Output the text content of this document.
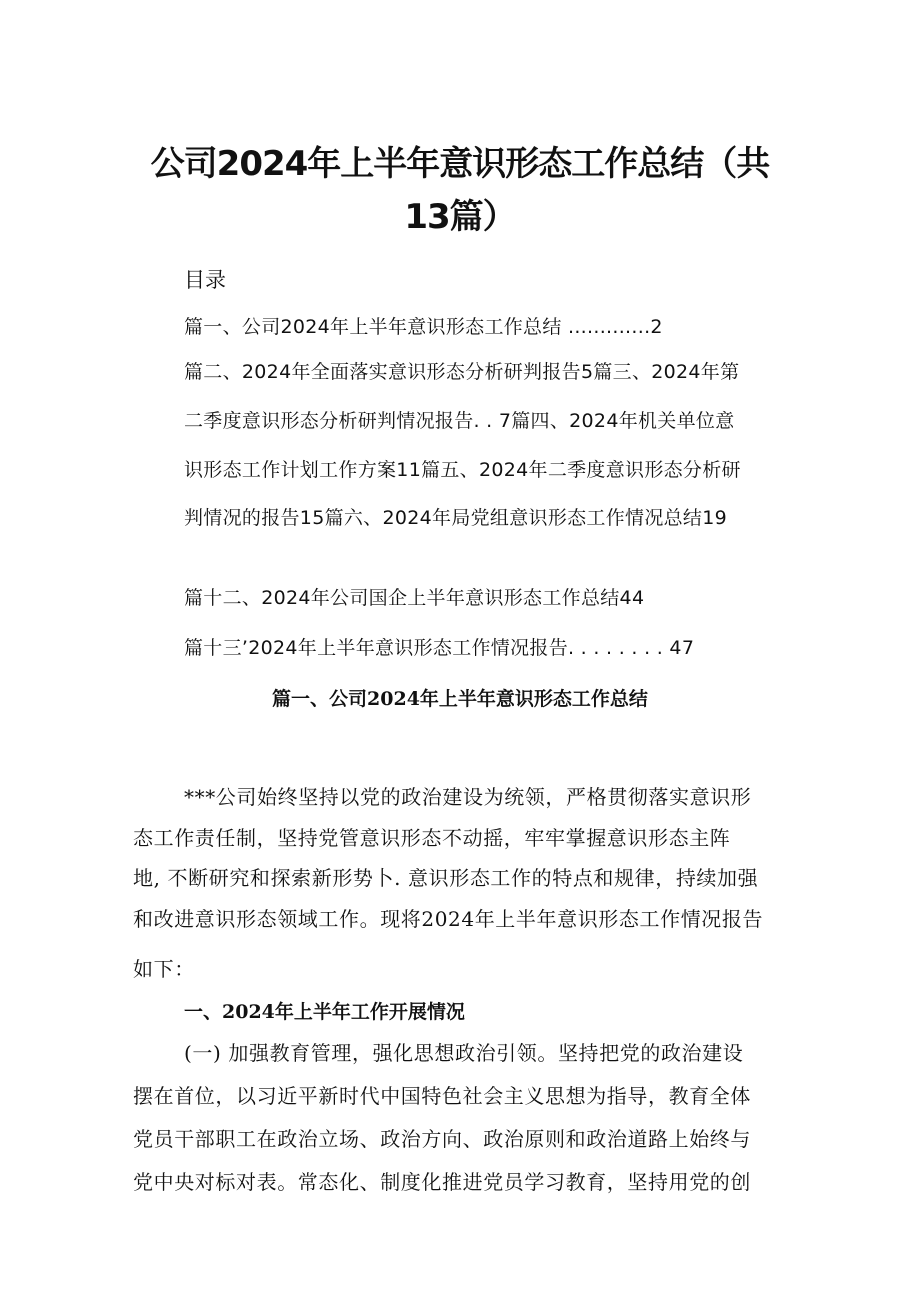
公司2024年上半年意识形态工作总结（共
13篇）
目录
篇一、公司2024年上半年意识形态工作总结 .............2
篇二、2024年全面落实意识形态分析研判报告5篇三、2024年第
二季度意识形态分析研判情况报告. . 7篇四、2024年机关单位意
识形态工作计划工作方案11篇五、2024年二季度意识形态分析研
判情况的报告15篇六、2024年局党组意识形态工作情况总结19
篇十二、2024年公司国企上半年意识形态工作总结44
篇十三’2024年上半年意识形态工作情况报告. . . . . . . . 47
篇一、公司2024年上半年意识形态工作总结
***公司始终坚持以党的政治建设为统领，严格贯彻落实意识形
态工作责任制，坚持党管意识形态不动摇，牢牢掌握意识形态主阵
地, 不断研究和探索新形势卜. 意识形态工作的特点和规律，持续加强
和改进意识形态领域工作。现将2024年上半年意识形态工作情况报告
如下：
一、2024年上半年工作开展情况
(一) 加强教育管理，强化思想政治引领。坚持把党的政治建设
摆在首位，以习近平新时代中国特色社会主义思想为指导，教育全体
党员干部职工在政治立场、政治方向、政治原则和政治道路上始终与
党中央对标对表。常态化、制度化推进党员学习教育，坚持用党的创
